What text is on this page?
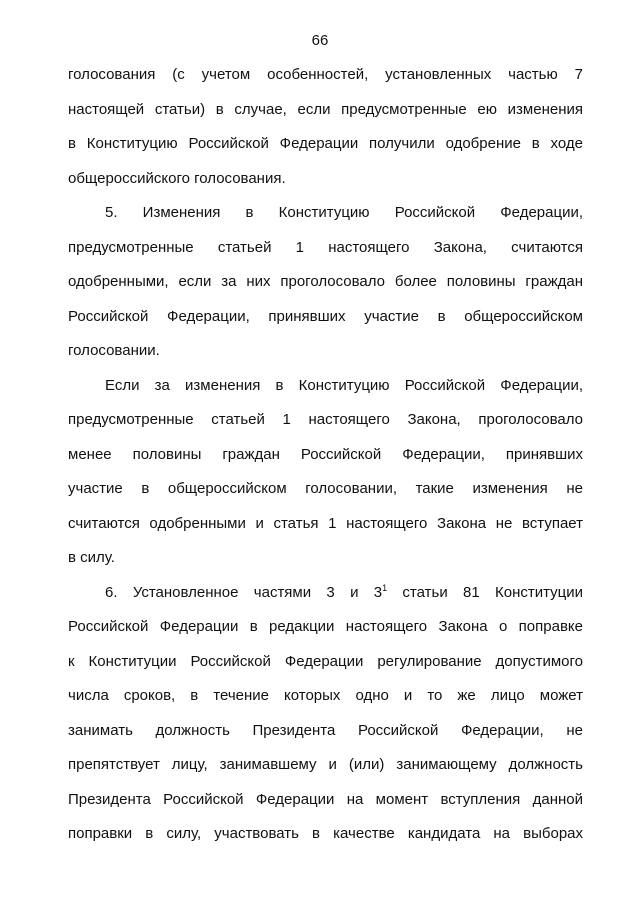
66
голосования (с учетом особенностей, установленных частью 7
настоящей статьи) в случае, если предусмотренные ею изменения
в Конституцию Российской Федерации получили одобрение в ходе
общероссийского голосования.
5. Изменения в Конституцию Российской Федерации,
предусмотренные статьей 1 настоящего Закона, считаются
одобренными, если за них проголосовало более половины граждан
Российской Федерации, принявших участие в общероссийском
голосовании.
Если за изменения в Конституцию Российской Федерации,
предусмотренные статьей 1 настоящего Закона, проголосовало
менее половины граждан Российской Федерации, принявших
участие в общероссийском голосовании, такие изменения не
считаются одобренными и статья 1 настоящего Закона не вступает
в силу.
6. Установленное частями 3 и $3^1$ статьи 81 Конституции
Российской Федерации в редакции настоящего Закона о поправке
к Конституции Российской Федерации регулирование допустимого
числа сроков, в течение которых одно и то же лицо может
занимать должность Президента Российской Федерации, не
препятствует лицу, занимавшему и (или) занимающему должность
Президента Российской Федерации на момент вступления данной
поправки в силу, участвовать в качестве кандидата на выборах
